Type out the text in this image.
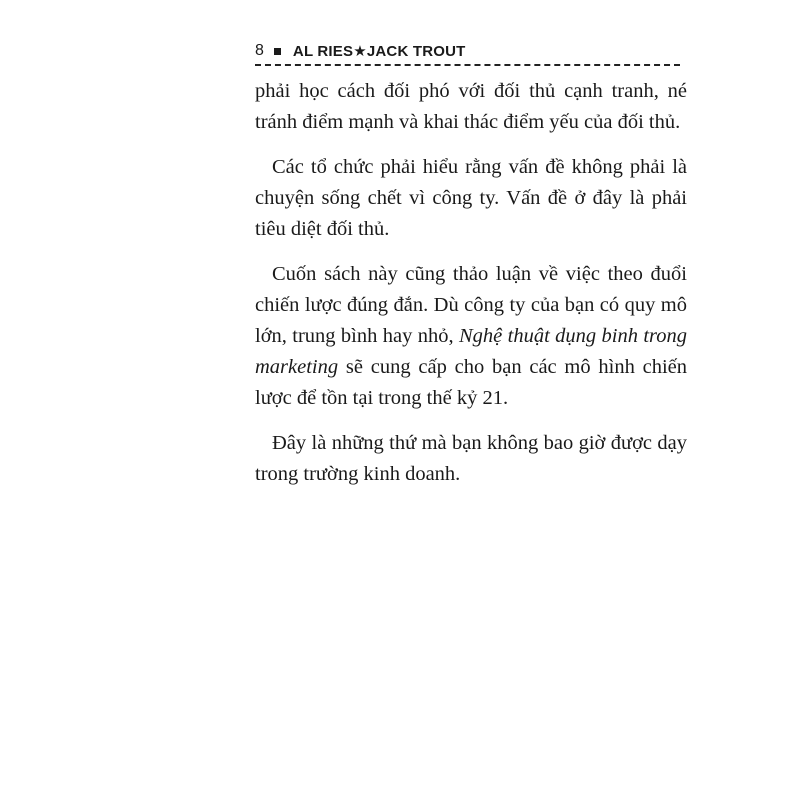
8 AL RIES★JACK TROUT

phải học cách đối phó với đối thủ cạnh tranh, né tránh điểm mạnh và khai thác điểm yếu của đối thủ.

Các tổ chức phải hiểu rằng vấn đề không phải là chuyện sống chết vì công ty. Vấn đề ở đây là phải tiêu diệt đối thủ.

Cuốn sách này cũng thảo luận về việc theo đuổi chiến lược đúng đắn. Dù công ty của bạn có quy mô lớn, trung bình hay nhỏ, Nghệ thuật dụng binh trong marketing sẽ cung cấp cho bạn các mô hình chiến lược để tồn tại trong thế kỷ 21.

Đây là những thứ mà bạn không bao giờ được dạy trong trường kinh doanh.
